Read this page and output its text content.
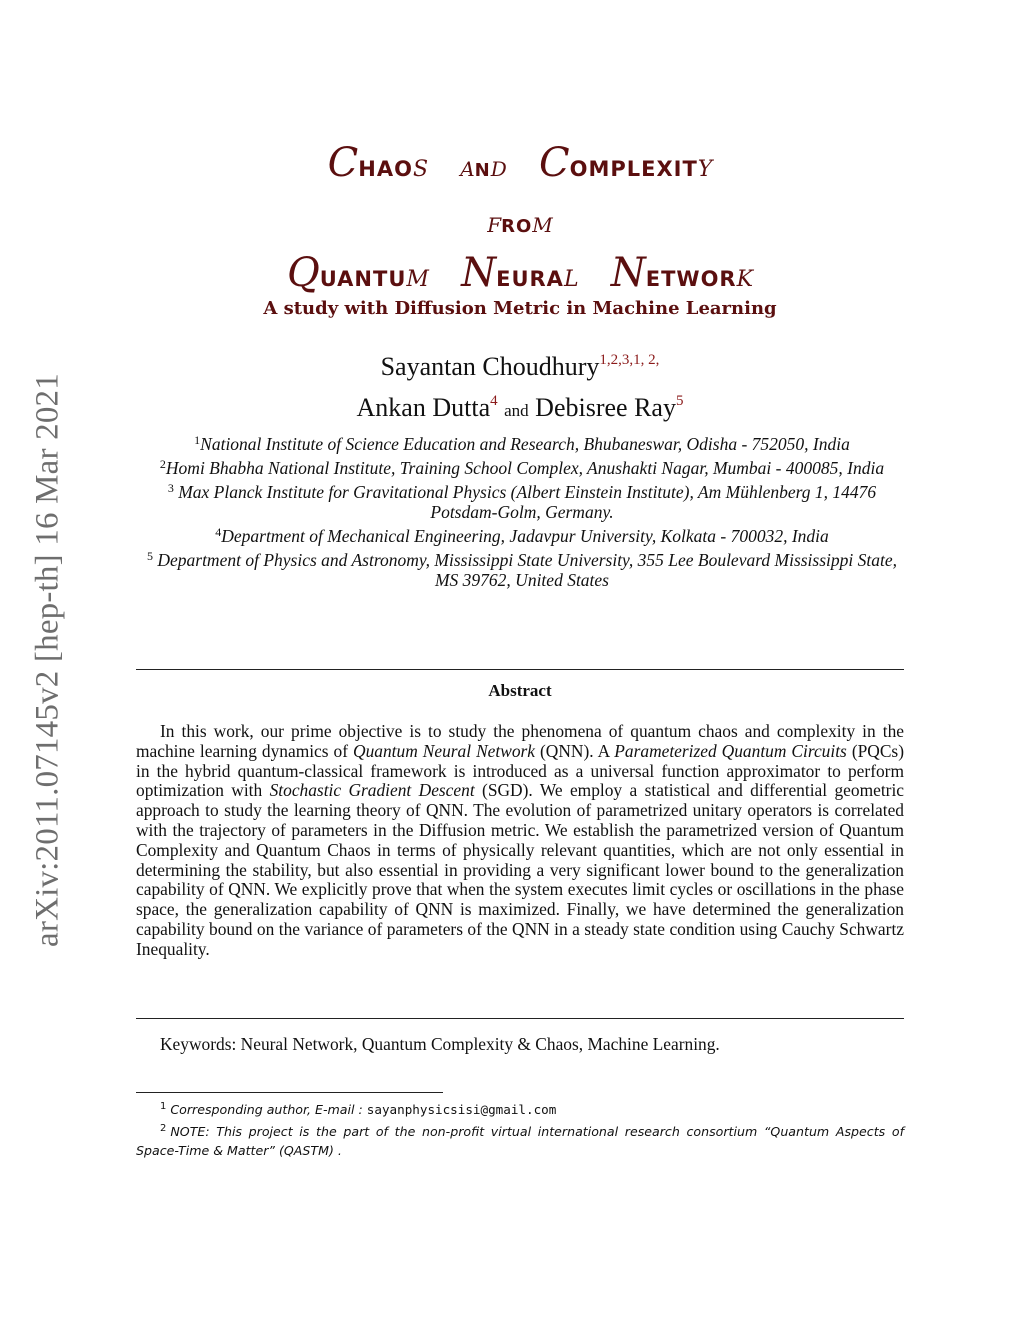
arXiv:2011.07145v2 [hep-th] 16 Mar 2021
CHAOS AND COMPLEXITY
FROM
QUANTUM NEURAL NETWORK
A study with Diffusion Metric in Machine Learning
Sayantan Choudhury$^{1,2,3,1, 2,}$
Ankan Dutta$^4$ and Debisree Ray$^5$
$^1$National Institute of Science Education and Research, Bhubaneswar, Odisha - 752050, India
$^2$Homi Bhabha National Institute, Training School Complex, Anushakti Nagar, Mumbai - 400085, India
$^3$ Max Planck Institute for Gravitational Physics (Albert Einstein Institute), Am Mühlenberg 1, 14476 Potsdam-Golm, Germany.
$^4$Department of Mechanical Engineering, Jadavpur University, Kolkata - 700032, India
$^5$ Department of Physics and Astronomy, Mississippi State University, 355 Lee Boulevard Mississippi State, MS 39762, United States
Abstract
In this work, our prime objective is to study the phenomena of quantum chaos and complexity in the machine learning dynamics of Quantum Neural Network (QNN). A Parameterized Quantum Circuits (PQCs) in the hybrid quantum-classical framework is introduced as a universal function approximator to perform optimization with Stochastic Gradient Descent (SGD). We employ a statistical and differential geometric approach to study the learning theory of QNN. The evolution of parametrized unitary operators is correlated with the trajectory of parameters in the Diffusion metric. We establish the parametrized version of Quantum Complexity and Quantum Chaos in terms of physically relevant quantities, which are not only essential in determining the stability, but also essential in providing a very significant lower bound to the generalization capability of QNN. We explicitly prove that when the system executes limit cycles or oscillations in the phase space, the generalization capability of QNN is maximized. Finally, we have determined the generalization capability bound on the variance of parameters of the QNN in a steady state condition using Cauchy Schwartz Inequality.
Keywords: Neural Network, Quantum Complexity & Chaos, Machine Learning.
$^1$ Corresponding author, E-mail : sayanphysicsisi@gmail.com
$^2$ NOTE: This project is the part of the non-profit virtual international research consortium “Quantum Aspects of Space-Time & Matter” (QASTM) .
